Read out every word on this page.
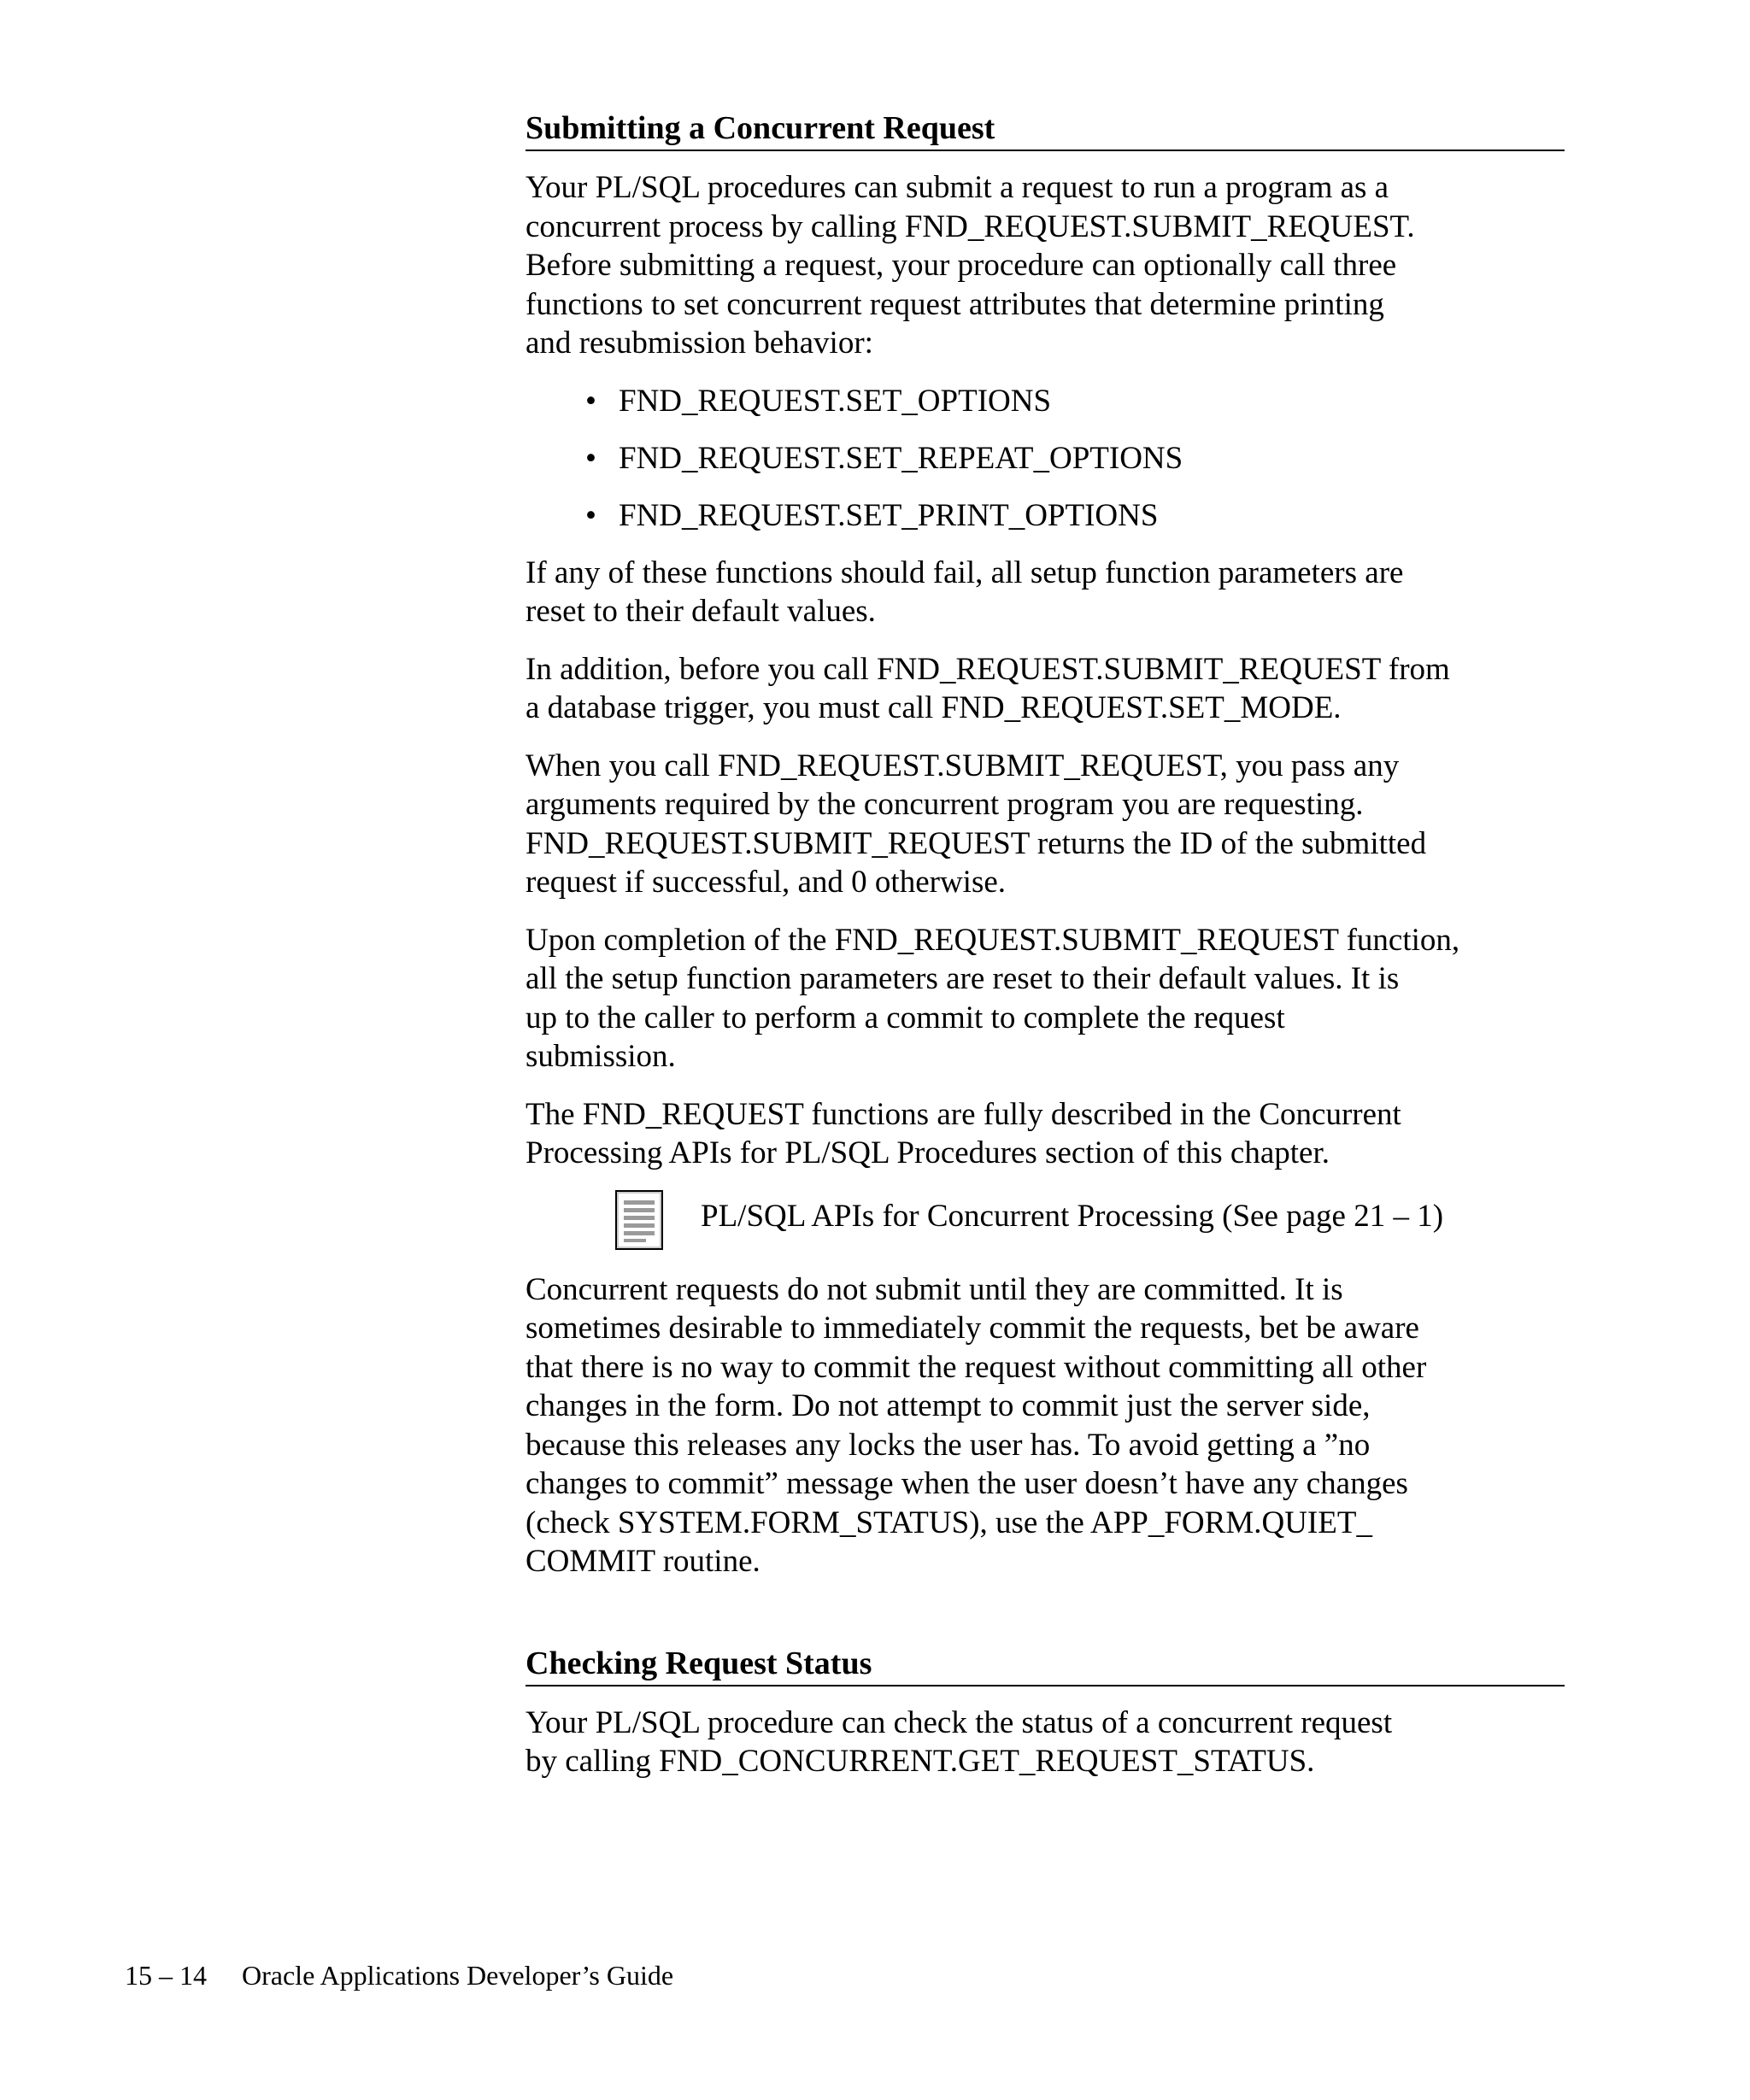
Submitting a Concurrent Request

Your PL/SQL procedures can submit a request to run a program as a
concurrent process by calling FND_REQUEST.SUBMIT_REQUEST.
Before submitting a request, your procedure can optionally call three
functions to set concurrent request attributes that determine printing
and resubmission behavior:

• FND_REQUEST.SET_OPTIONS
• FND_REQUEST.SET_REPEAT_OPTIONS
• FND_REQUEST.SET_PRINT_OPTIONS

If any of these functions should fail, all setup function parameters are
reset to their default values.

In addition, before you call FND_REQUEST.SUBMIT_REQUEST from
a database trigger, you must call FND_REQUEST.SET_MODE.

When you call FND_REQUEST.SUBMIT_REQUEST, you pass any
arguments required by the concurrent program you are requesting.
FND_REQUEST.SUBMIT_REQUEST returns the ID of the submitted
request if successful, and 0 otherwise.

Upon completion of the FND_REQUEST.SUBMIT_REQUEST function,
all the setup function parameters are reset to their default values. It is
up to the caller to perform a commit to complete the request
submission.

The FND_REQUEST functions are fully described in the Concurrent
Processing APIs for PL/SQL Procedures section of this chapter.

PL/SQL APIs for Concurrent Processing (See page 21 – 1)

Concurrent requests do not submit until they are committed. It is
sometimes desirable to immediately commit the requests, bet be aware
that there is no way to commit the request without committing all other
changes in the form. Do not attempt to commit just the server side,
because this releases any locks the user has. To avoid getting a ”no
changes to commit” message when the user doesn’t have any changes
(check SYSTEM.FORM_STATUS), use the APP_FORM.QUIET_
COMMIT routine.

Checking Request Status

Your PL/SQL procedure can check the status of a concurrent request
by calling FND_CONCURRENT.GET_REQUEST_STATUS.

15 – 14 Oracle Applications Developer’s Guide
